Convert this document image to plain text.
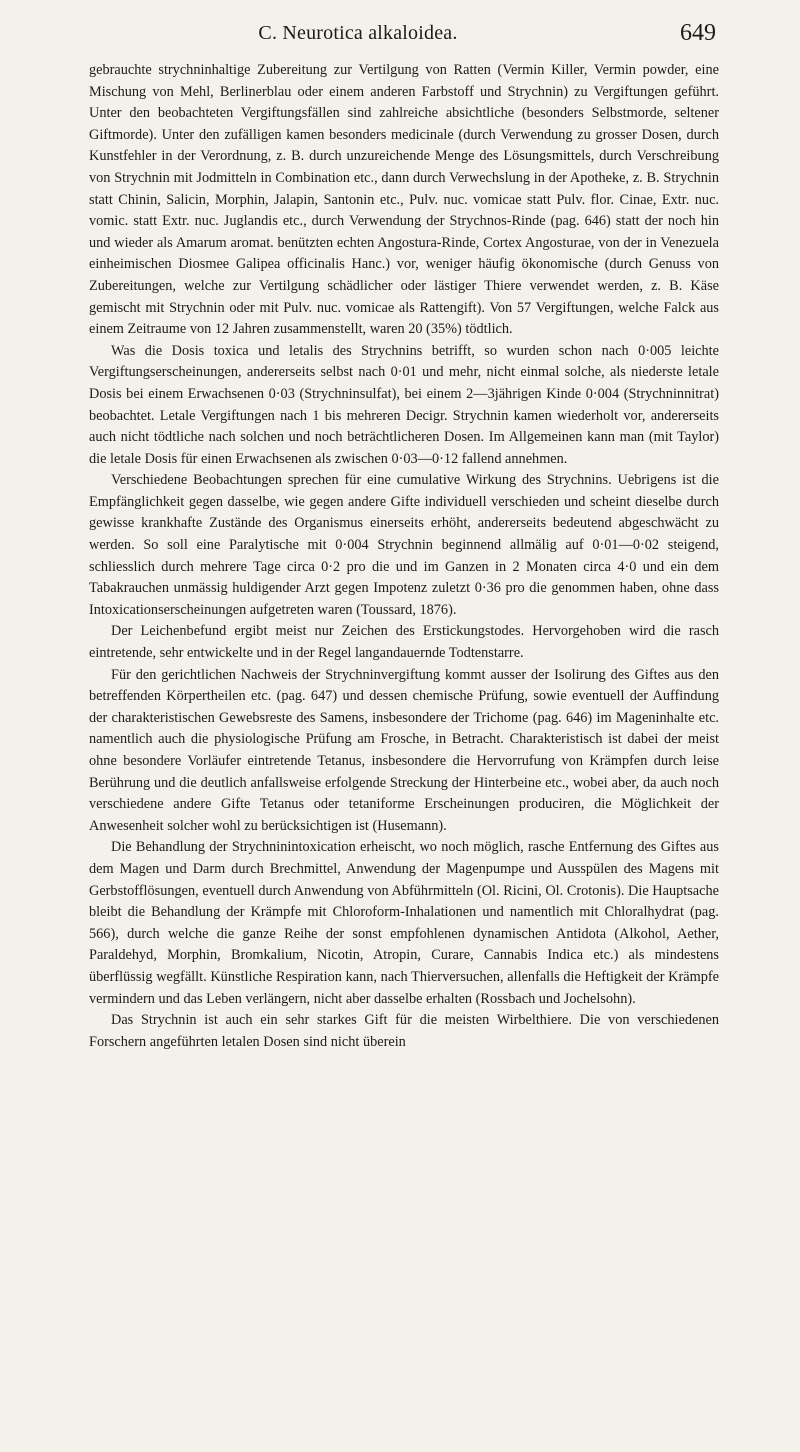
C. Neurotica alkaloidea.	649

gebrauchte strychninhaltige Zubereitung zur Vertilgung von Ratten (Vermin Killer, Vermin powder, eine Mischung von Mehl, Berlinerblau oder einem anderen Farbstoff und Strychnin) zu Vergiftungen geführt. Unter den beobachteten Vergiftungsfällen sind zahlreiche absichtliche (besonders Selbstmorde, seltener Giftmorde). Unter den zufälligen kamen besonders medicinale (durch Verwendung zu grosser Dosen, durch Kunstfehler in der Verordnung, z. B. durch unzureichende Menge des Lösungsmittels, durch Verschreibung von Strychnin mit Jodmitteln in Combination etc., dann durch Verwechslung in der Apotheke, z. B. Strychnin statt Chinin, Salicin, Morphin, Jalapin, Santonin etc., Pulv. nuc. vomicae statt Pulv. flor. Cinae, Extr. nuc. vomic. statt Extr. nuc. Juglandis etc., durch Verwendung der Strychnos-Rinde (pag. 646) statt der noch hin und wieder als Amarum aromat. benützten echten Angostura-Rinde, Cortex Angosturae, von der in Venezuela einheimischen Diosmee Galipea officinalis Hanc.) vor, weniger häufig ökonomische (durch Genuss von Zubereitungen, welche zur Vertilgung schädlicher oder lästiger Thiere verwendet werden, z. B. Käse gemischt mit Strychnin oder mit Pulv. nuc. vomicae als Rattengift). Von 57 Vergiftungen, welche Falck aus einem Zeitraume von 12 Jahren zusammenstellt, waren 20 (35%) tödtlich.

Was die Dosis toxica und letalis des Strychnins betrifft, so wurden schon nach 0·005 leichte Vergiftungserscheinungen, andererseits selbst nach 0·01 und mehr, nicht einmal solche, als niederste letale Dosis bei einem Erwachsenen 0·03 (Strychninsulfat), bei einem 2—3jährigen Kinde 0·004 (Strychninnitrat) beobachtet. Letale Vergiftungen nach 1 bis mehreren Decigr. Strychnin kamen wiederholt vor, andererseits auch nicht tödtliche nach solchen und noch beträchtlicheren Dosen. Im Allgemeinen kann man (mit Taylor) die letale Dosis für einen Erwachsenen als zwischen 0·03—0·12 fallend annehmen.

Verschiedene Beobachtungen sprechen für eine cumulative Wirkung des Strychnins. Uebrigens ist die Empfänglichkeit gegen dasselbe, wie gegen andere Gifte individuell verschieden und scheint dieselbe durch gewisse krankhafte Zustände des Organismus einerseits erhöht, andererseits bedeutend abgeschwächt zu werden. So soll eine Paralytische mit 0·004 Strychnin beginnend allmälig auf 0·01—0·02 steigend, schliesslich durch mehrere Tage circa 0·2 pro die und im Ganzen in 2 Monaten circa 4·0 und ein dem Tabakrauchen unmässig huldigender Arzt gegen Impotenz zuletzt 0·36 pro die genommen haben, ohne dass Intoxicationserscheinungen aufgetreten waren (Toussard, 1876).

Der Leichenbefund ergibt meist nur Zeichen des Erstickungstodes. Hervorgehoben wird die rasch eintretende, sehr entwickelte und in der Regel langandauernde Todtenstarre.

Für den gerichtlichen Nachweis der Strychninvergiftung kommt ausser der Isolirung des Giftes aus den betreffenden Körpertheilen etc. (pag. 647) und dessen chemische Prüfung, sowie eventuell der Auffindung der charakteristischen Gewebsreste des Samens, insbesondere der Trichome (pag. 646) im Mageninhalte etc. namentlich auch die physiologische Prüfung am Frosche, in Betracht. Charakteristisch ist dabei der meist ohne besondere Vorläufer eintretende Tetanus, insbesondere die Hervorrufung von Krämpfen durch leise Berührung und die deutlich anfallsweise erfolgende Streckung der Hinterbeine etc., wobei aber, da auch noch verschiedene andere Gifte Tetanus oder tetaniforme Erscheinungen produciren, die Möglichkeit der Anwesenheit solcher wohl zu berücksichtigen ist (Husemann).

Die Behandlung der Strychninintoxication erheischt, wo noch möglich, rasche Entfernung des Giftes aus dem Magen und Darm durch Brechmittel, Anwendung der Magenpumpe und Ausspülen des Magens mit Gerbstofflösungen, eventuell durch Anwendung von Abführmitteln (Ol. Ricini, Ol. Crotonis). Die Hauptsache bleibt die Behandlung der Krämpfe mit Chloroform-Inhalationen und namentlich mit Chloralhydrat (pag. 566), durch welche die ganze Reihe der sonst empfohlenen dynamischen Antidota (Alkohol, Aether, Paraldehyd, Morphin, Bromkalium, Nicotin, Atropin, Curare, Cannabis Indica etc.) als mindestens überflüssig wegfällt. Künstliche Respiration kann, nach Thierversuchen, allenfalls die Heftigkeit der Krämpfe vermindern und das Leben verlängern, nicht aber dasselbe erhalten (Rossbach und Jochelsohn).

Das Strychnin ist auch ein sehr starkes Gift für die meisten Wirbelthiere. Die von verschiedenen Forschern angeführten letalen Dosen sind nicht überein
